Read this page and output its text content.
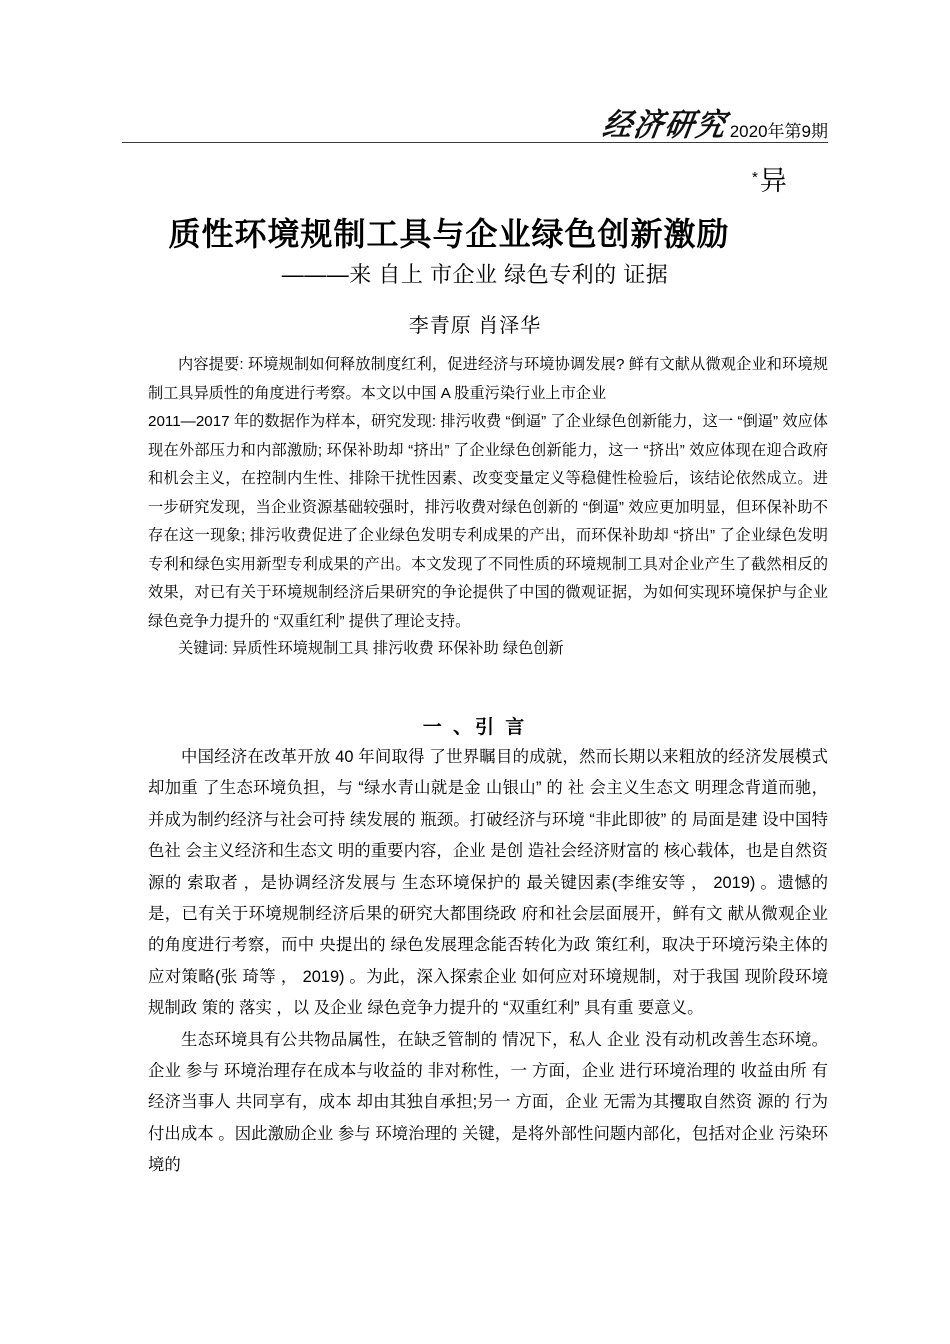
经济研究 2020年第9期
*异
质性环境规制工具与企业绿色创新激励
———来 自上 市企业 绿色专利的 证据
李青原 肖泽华

内容提要: 环境规制如何释放制度红利，促进经济与环境协调发展? 鲜有文献从微观企业和环境规制工具异质性的角度进行考察。本文以中国 A 股重污染行业上市企业

2011—2017 年的数据作为样本，研究发现: 排污收费 “倒逼” 了企业绿色创新能力，这一 “倒逼” 效应体现在外部压力和内部激励; 环保补助却 “挤出” 了企业绿色创新能力，这一 “挤出” 效应体现在迎合政府和机会主义，在控制内生性、排除干扰性因素、改变变量定义等稳健性检验后，该结论依然成立。进一步研究发现，当企业资源基础较强时，排污收费对绿色创新的 “倒逼” 效应更加明显，但环保补助不存在这一现象; 排污收费促进了企业绿色发明专利成果的产出，而环保补助却 “挤出” 了企业绿色发明专利和绿色实用新型专利成果的产出。本文发现了不同性质的环境规制工具对企业产生了截然相反的效果，对已有关于环境规制经济后果研究的争论提供了中国的微观证据，为如何实现环境保护与企业绿色竞争力提升的 “双重红利” 提供了理论支持。

关键词: 异质性环境规制工具 排污收费 环保补助 绿色创新
一 、引 言

中国经济在改革开放 40 年间取得 了世界瞩目的成就，然而长期以来粗放的经济发展模式却加重 了生态环境负担，与 “绿水青山就是金 山银山” 的 社 会主义生态文 明理念背道而驰，并成为制约经济与社会可持 续发展的 瓶颈。打破经济与环境 “非此即彼” 的 局面是建 设中国特色社 会主义经济和生态文 明的重要内容，企业 是创 造社会经济财富的 核心载体，也是自然资 源的 索取者 ，是协调经济发展与 生态环境保护的 最关键因素(李维安等 ， 2019) 。遗憾的是，已有关于环境规制经济后果的研究大都围绕政 府和社会层面展开，鲜有文 献从微观企业的角度进行考察，而中 央提出的 绿色发展理念能否转化为政 策红利，取决于环境污染主体的 应对策略(张 琦等 ， 2019) 。为此，深入探索企业 如何应对环境规制，对于我国 现阶段环境规制政 策的 落实 ，以 及企业 绿色竞争力提升的 “双重红利” 具有重 要意义。

生态环境具有公共物品属性，在缺乏管制的 情况下，私人 企业 没有动机改善生态环境。企业 参与 环境治理存在成本与收益的 非对称性，一 方面，企业 进行环境治理的 收益由所 有经济当事人 共同享有，成本 却由其独自承担;另一 方面，企业 无需为其攫取自然资 源的 行为付出成本 。因此激励企业 参与 环境治理的 关键，是将外部性问题内部化，包括对企业 污染环境的
